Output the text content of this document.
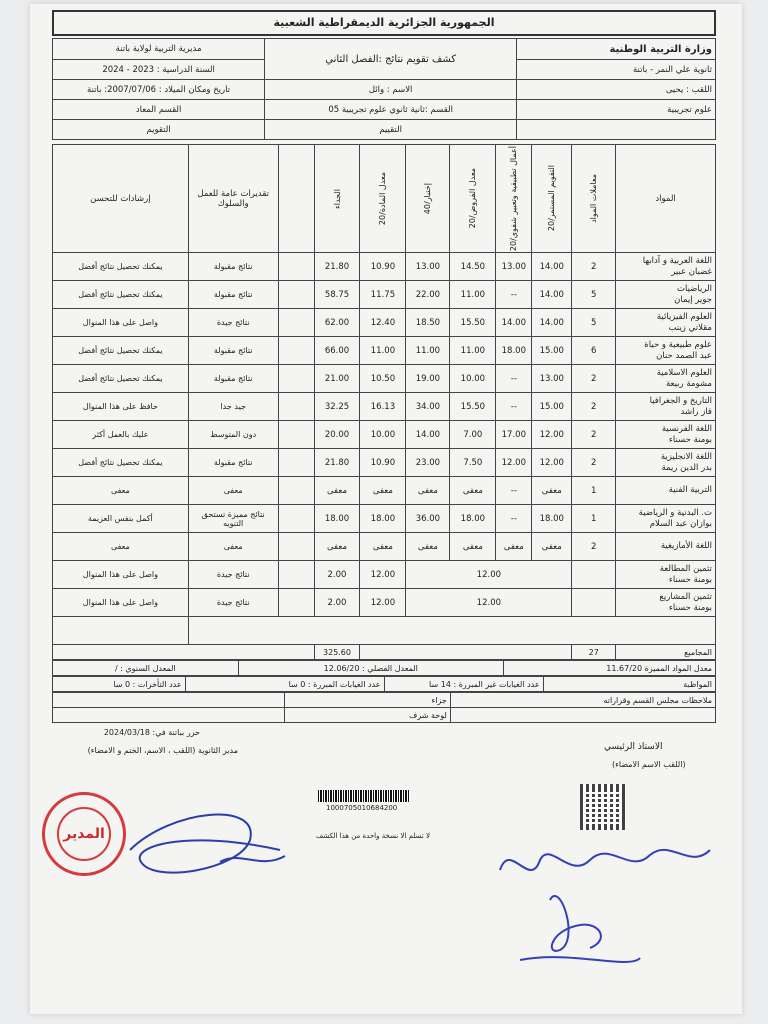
الجمهورية الجزائرية الديمقراطية الشعبية
وزارة التربية الوطنية	كشف تقويم نتائج :الفصل الثاني	مديرية التربية لولاية باتنة
ثانوية علي النمر - باتنة		السنة الدراسية : 2023 - 2024
اللقب : يحيى	الاسم : وائل	تاريخ ومكان الميلاد : 2007/07/06: باتنة
علوم تجريبية	القسم :ثانية ثانوي علوم تجريبية 05	القسم المعاد
	التقييم	التقويم
المواد	معاملات المواد	التقويم المستمر/20	أعمال تطبيقية وتعبير شفوي/20	معدل الفروض/20	إختبار/40	معدل المادة/20	الجداء		تقديرات عامة للعمل والسلوك	إرشادات للتحسن

اللغة العربية و آدابها
غضبان عبير	2	14.00	13.00	14.50	13.00	10.90	21.80		نتائج مقبولة	يمكنك تحصيل نتائج أفضل

الرياضيات
جوير إيمان	5	14.00	--	11.00	22.00	11.75	58.75		نتائج مقبولة	يمكنك تحصيل نتائج أفضل

العلوم الفيزيائية
مقلاتي زينب	5	14.00	14.00	15.50	18.50	12.40	62.00		نتائج جيدة	واصل على هذا المنوال

علوم طبيعية و حياة
عبد الصمد حنان	6	15.00	18.00	11.00	11.00	11.00	66.00		نتائج مقبولة	يمكنك تحصيل نتائج أفضل

العلوم الاسلامية
مشومة ربيعة	2	13.00	--	10.00	19.00	10.50	21.00		نتائج مقبولة	يمكنك تحصيل نتائج أفضل

التاريخ و الجغرافيا
قاز راشد	2	15.00	--	15.50	34.00	16.13	32.25		جيد جدا	حافظ على هذا المنوال

اللغة الفرنسية
بومنة حسناء	2	12.00	17.00	7.00	14.00	10.00	20.00		دون المتوسط	عليك بالعمل أكثر

اللغة الانجليزية
بدر الدين ريمة	2	12.00	12.00	7.50	23.00	10.90	21.80		نتائج مقبولة	يمكنك تحصيل نتائج أفضل

التربية الفنية	1	معفى	--	معفى	معفى	معفى	معفى		معفى	معفى

ت. البدنية و الرياضية
بوازان عبد السلام	1	18.00	--	18.00	36.00	18.00	18.00		نتائج مميزة تستحق التنويه	أكمل بنفس العزيمة

اللغة الأمازيغية	2	معفى	معفى	معفى	معفى	معفى	معفى		معفى	معفى

تثمين المطالعة
بومنة حسناء		12.00				12.00	2.00		نتائج جيدة	واصل على هذا المنوال

تثمين المشاريع
بومنة حسناء		12.00				12.00	2.00		نتائج جيدة	واصل على هذا المنوال

المجاميع	27						325.60			
معدل المواد المميزة 11.67/20	المعدل الفصلي : 12.06/20	المعدل السنوي : /
المواظبة	عدد الغيابات غير المبررة : 14 سا	عدد الغيابات المبررة : 0 سا	عدد التأخرات : 0 سا
ملاحظات مجلس القسم وقراراته	جزاء	
	لوحة شرف	
الاستاذ الرئيسي
(اللقب الاسم الامضاء)
حرر بباتنة في: 2024/03/18
مدير الثانوية (اللقب ، الاسم، الختم و الامضاء)
1000705010684200
لا تسلم الا نسخة واحدة من هذا الكشف
المدير
